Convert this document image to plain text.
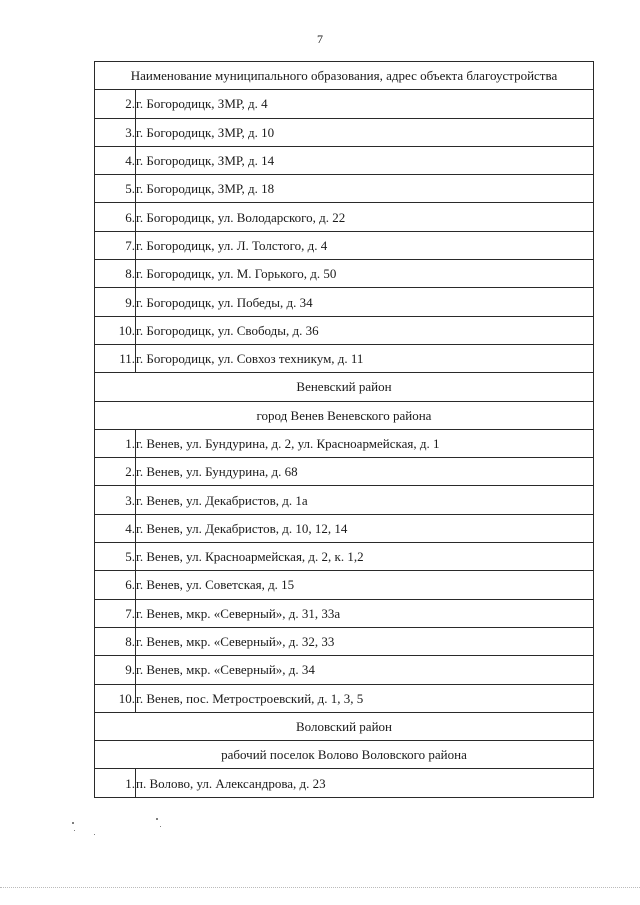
7
Наименование муниципального образования, адрес объекта благоустройства	
2.	г. Богородицк, ЗМР, д. 4
3.	г. Богородицк, ЗМР, д. 10
4.	г. Богородицк, ЗМР, д. 14
5.	г. Богородицк, ЗМР, д. 18
6.	г. Богородицк, ул. Володарского, д. 22
7.	г. Богородицк, ул. Л. Толстого, д. 4
8.	г. Богородицк, ул. М. Горького, д. 50
9.	г. Богородицк, ул. Победы, д. 34
10.	г. Богородицк, ул. Свободы, д. 36
11.	г. Богородицк, ул. Совхоз техникум, д. 11
Веневский район	
город Венев Веневского района	
1.	г. Венев, ул. Бундурина, д. 2, ул. Красноармейская, д. 1
2.	г. Венев, ул. Бундурина, д. 68
3.	г. Венев, ул. Декабристов, д. 1а
4.	г. Венев, ул. Декабристов, д. 10, 12, 14
5.	г. Венев, ул. Красноармейская, д. 2, к. 1,2
6.	г. Венев, ул. Советская, д. 15
7.	г. Венев, мкр. «Северный», д. 31, 33а
8.	г. Венев, мкр. «Северный», д. 32, 33
9.	г. Венев, мкр. «Северный», д. 34
10.	г. Венев, пос. Метростроевский, д. 1, 3, 5
Воловский район	
рабочий поселок Волово Воловского района	
1.	п. Волово, ул. Александрова, д. 23
